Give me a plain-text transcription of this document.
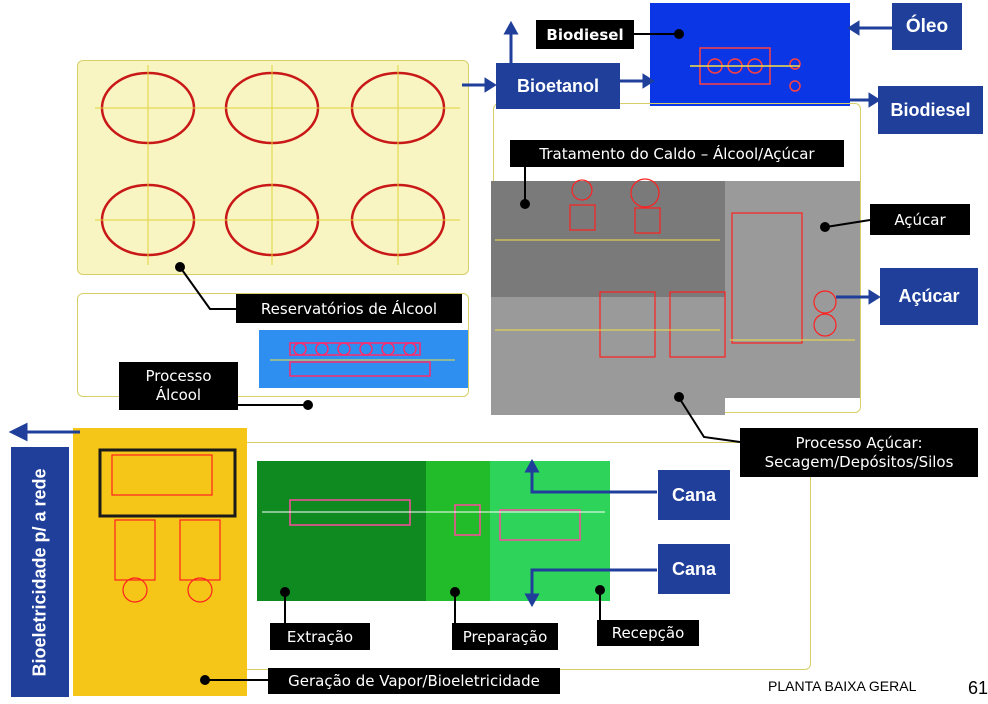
Biodiesel
Bioetanol
Óleo
Biodiesel
Tratamento do Caldo – Álcool/Açúcar
Açúcar
Açúcar
Reservatórios de Álcool
Processo
Álcool
Processo Açúcar:
Secagem/Depósitos/Silos
Bioeletricidade p/ a rede	Cana
Cana
Extração	Preparação	Recepção
Geração de Vapor/Bioeletricidade	PLANTA BAIXA GERAL	61
